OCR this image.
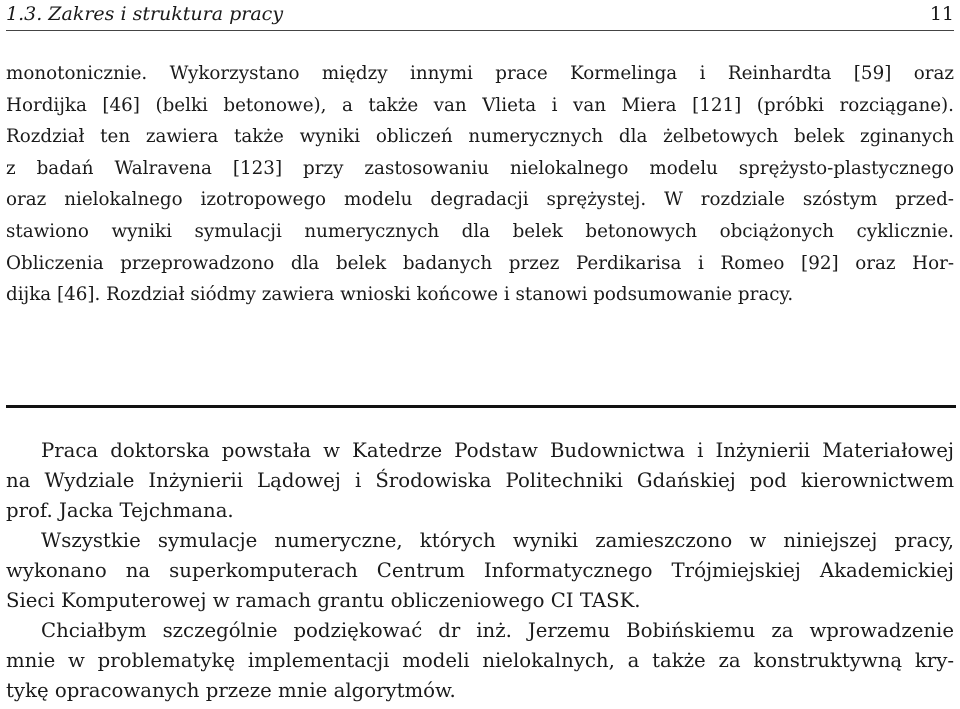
1.3. Zakres i struktura pracy	11
monotonicznie. Wykorzystano między innymi prace Kormelinga i Reinhardta [59] oraz
Hordijka [46] (belki betonowe), a także van Vlieta i van Miera [121] (próbki rozciągane).
Rozdział ten zawiera także wyniki obliczeń numerycznych dla żelbetowych belek zginanych
z badań Walravena [123] przy zastosowaniu nielokalnego modelu sprężysto-plastycznego
oraz nielokalnego izotropowego modelu degradacji sprężystej. W rozdziale szóstym przed-
stawiono wyniki symulacji numerycznych dla belek betonowych obciążonych cyklicznie.
Obliczenia przeprowadzono dla belek badanych przez Perdikarisa i Romeo [92] oraz Hor-
dijka [46]. Rozdział siódmy zawiera wnioski końcowe i stanowi podsumowanie pracy.
Praca doktorska powstała w Katedrze Podstaw Budownictwa i Inżynierii Materiałowej
na Wydziale Inżynierii Lądowej i Środowiska Politechniki Gdańskiej pod kierownictwem
prof. Jacka Tejchmana.
Wszystkie symulacje numeryczne, których wyniki zamieszczono w niniejszej pracy,
wykonano na superkomputerach Centrum Informatycznego Trójmiejskiej Akademickiej
Sieci Komputerowej w ramach grantu obliczeniowego CI TASK.
Chciałbym szczególnie podziękować dr inż. Jerzemu Bobińskiemu za wprowadzenie
mnie w problematykę implementacji modeli nielokalnych, a także za konstruktywną kry-
tykę opracowanych przeze mnie algorytmów.
